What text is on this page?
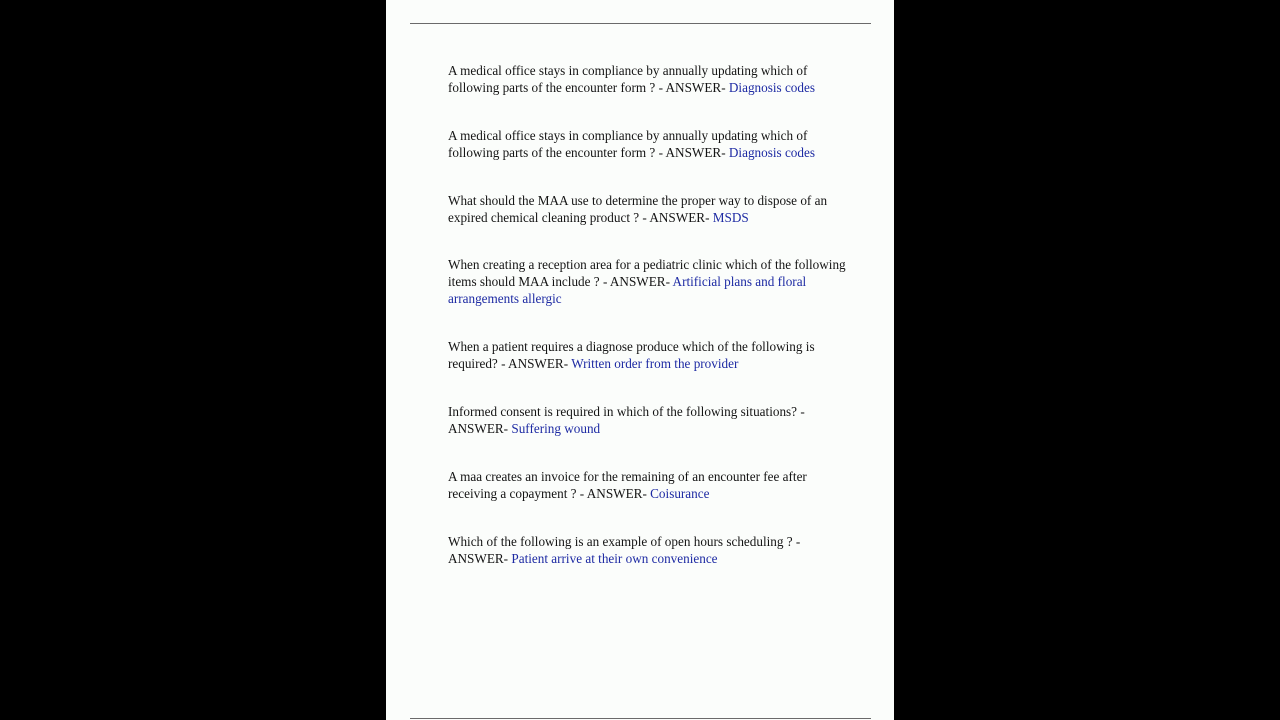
A medical office stays in compliance by annually updating which of following parts of the encounter form ? - ANSWER- Diagnosis codes

A medical office stays in compliance by annually updating which of following parts of the encounter form ? - ANSWER- Diagnosis codes

What should the MAA use to determine the proper way to dispose of an expired chemical cleaning product ? - ANSWER- MSDS

When creating a reception area for a pediatric clinic which of the following items should MAA include ? - ANSWER- Artificial plans and floral arrangements allergic

When a patient requires a diagnose produce which of the following is required? - ANSWER- Written order from the provider

Informed consent is required in which of the following situations? - ANSWER- Suffering wound

A maa creates an invoice for the remaining of an encounter fee after receiving a copayment ? - ANSWER- Coisurance

Which of the following is an example of open hours scheduling ? - ANSWER- Patient arrive at their own convenience
